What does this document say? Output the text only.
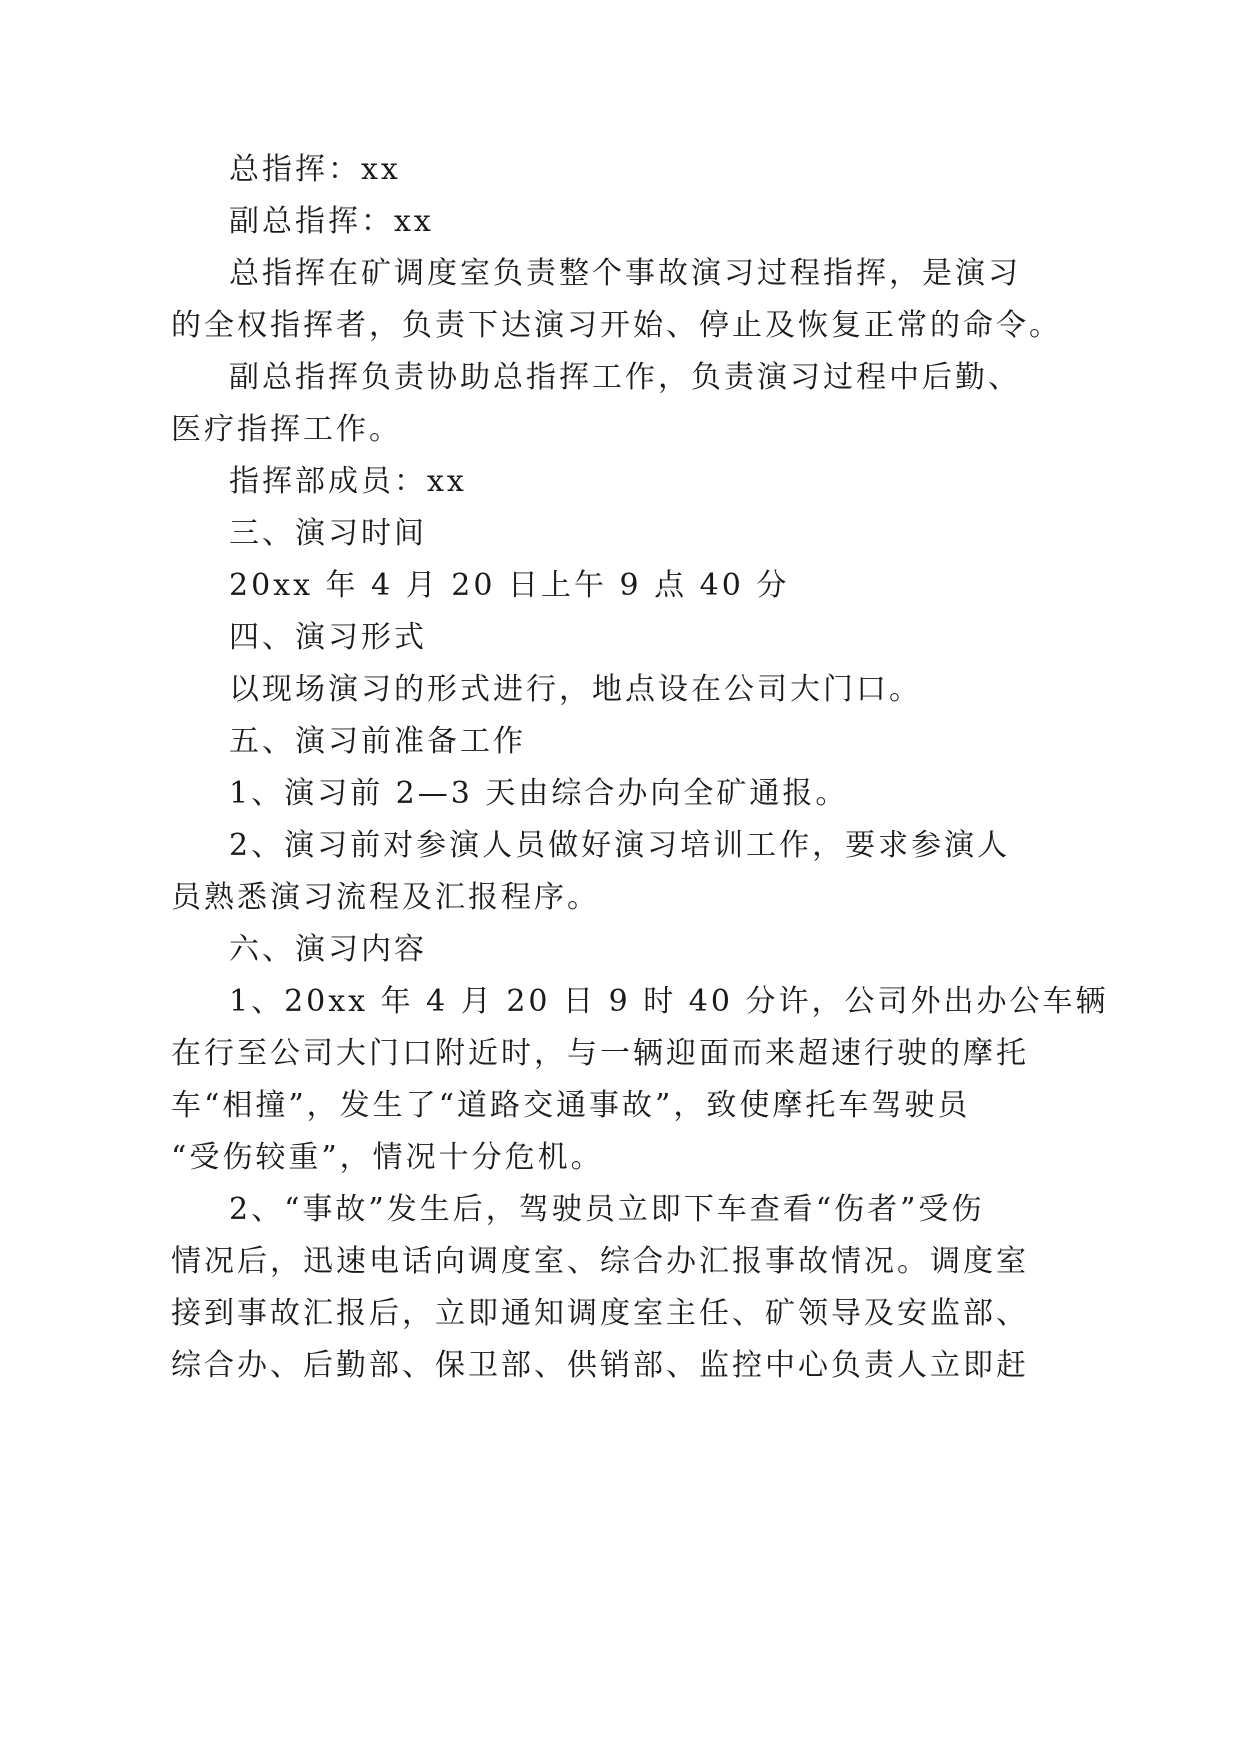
总指挥：xx
副总指挥：xx
总指挥在矿调度室负责整个事故演习过程指挥，是演习
的全权指挥者，负责下达演习开始、停止及恢复正常的命令。
副总指挥负责协助总指挥工作，负责演习过程中后勤、
医疗指挥工作。
指挥部成员：xx
三、演习时间
20xx 年 4 月 20 日上午 9 点 40 分
四、演习形式
以现场演习的形式进行，地点设在公司大门口。
五、演习前准备工作
1、演习前 2—3 天由综合办向全矿通报。
2、演习前对参演人员做好演习培训工作，要求参演人
员熟悉演习流程及汇报程序。
六、演习内容
1、20xx 年 4 月 20 日 9 时 40 分许，公司外出办公车辆
在行至公司大门口附近时，与一辆迎面而来超速行驶的摩托
车“相撞”，发生了“道路交通事故”，致使摩托车驾驶员
“受伤较重”，情况十分危机。
2、“事故”发生后，驾驶员立即下车查看“伤者”受伤
情况后，迅速电话向调度室、综合办汇报事故情况。调度室
接到事故汇报后，立即通知调度室主任、矿领导及安监部、
综合办、后勤部、保卫部、供销部、监控中心负责人立即赶
